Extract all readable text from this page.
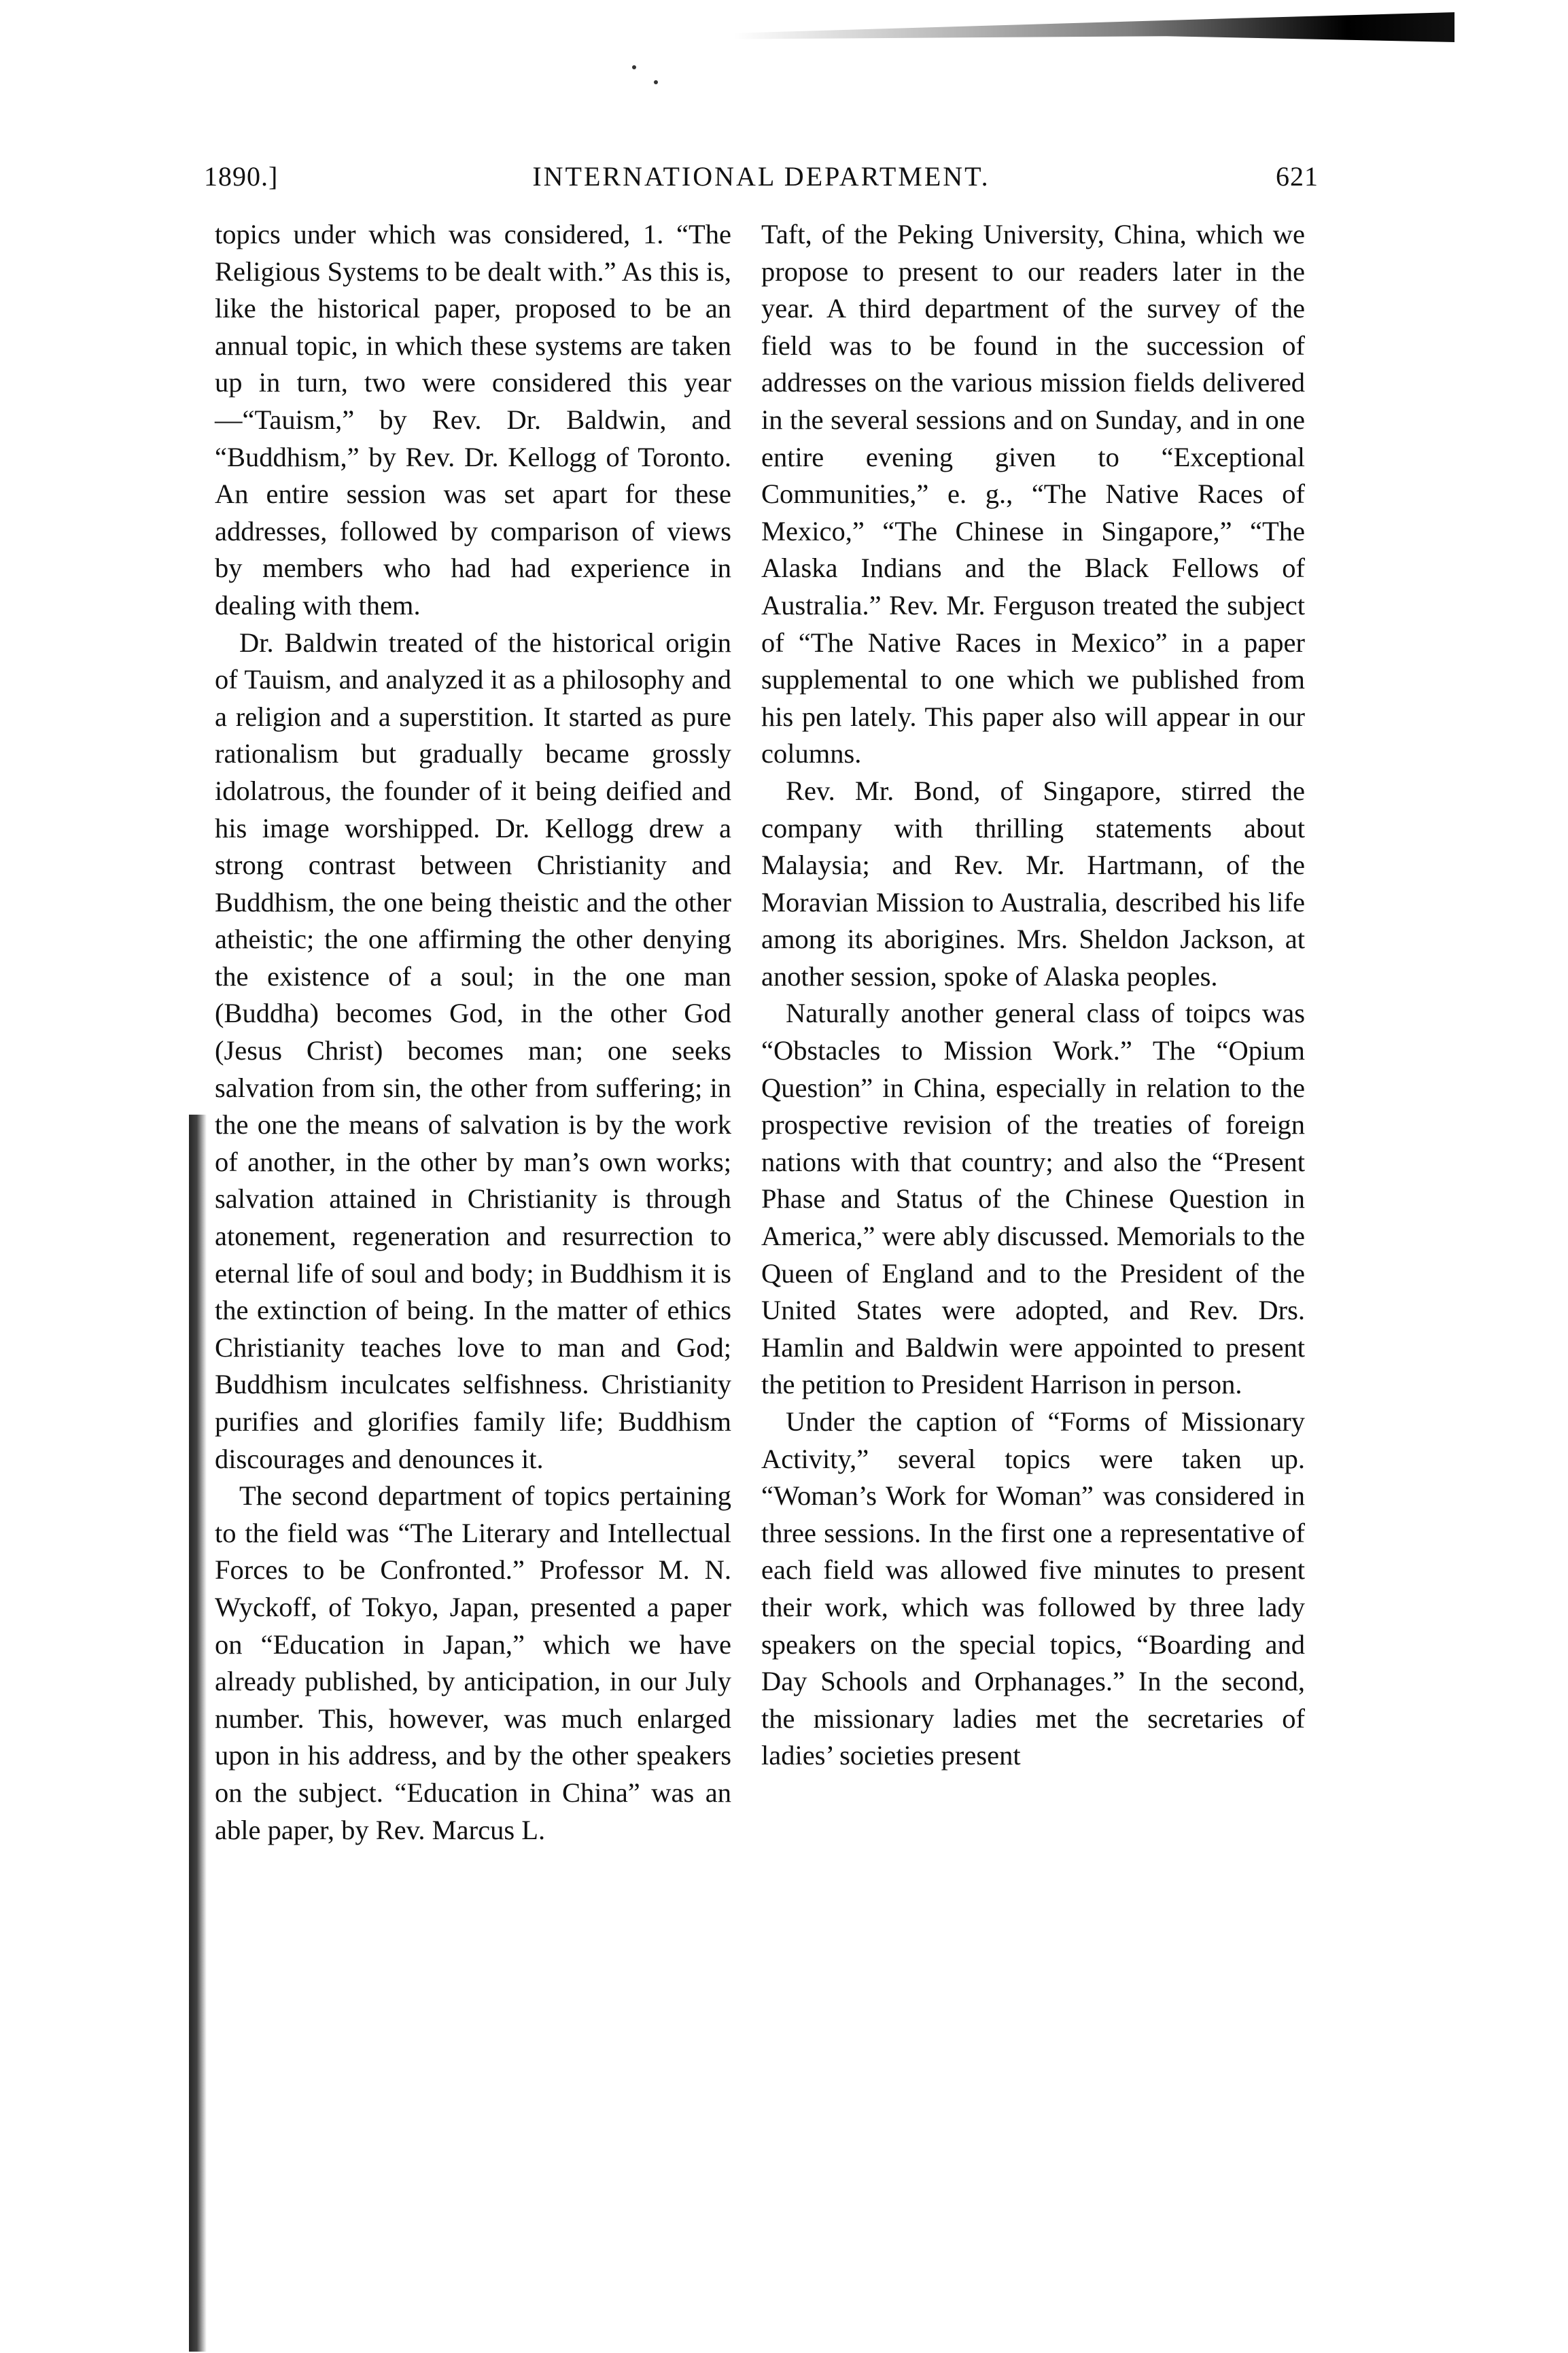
1890.]	INTERNATIONAL DEPARTMENT.	621

topics under which was considered, 1. “The Religious Systems to be dealt with.” As this is, like the historical paper, proposed to be an annual topic, in which these systems are taken up in turn, two were considered this year —“Tauism,” by Rev. Dr. Baldwin, and “Buddhism,” by Rev. Dr. Kellogg of Toronto. An entire session was set apart for these addresses, followed by comparison of views by members who had had experience in dealing with them.

Dr. Baldwin treated of the historical origin of Tauism, and analyzed it as a philosophy and a religion and a superstition. It started as pure rationalism but gradually became grossly idolatrous, the founder of it being deified and his image worshipped. Dr. Kellogg drew a strong contrast between Christianity and Buddhism, the one being theistic and the other atheistic; the one affirming the other denying the existence of a soul; in the one man (Buddha) becomes God, in the other God (Jesus Christ) becomes man; one seeks salvation from sin, the other from suffering; in the one the means of salvation is by the work of another, in the other by man’s own works; salvation attained in Christianity is through atonement, regeneration and resurrection to eternal life of soul and body; in Buddhism it is the extinction of being. In the matter of ethics Christianity teaches love to man and God; Buddhism inculcates selfishness. Christianity purifies and glorifies family life; Buddhism discourages and denounces it.

The second department of topics pertaining to the field was “The Literary and Intellectual Forces to be Confronted.” Professor M. N. Wyckoff, of Tokyo, Japan, presented a paper on “Education in Japan,” which we have already published, by anticipation, in our July number. This, however, was much enlarged upon in his address, and by the other speakers on the subject. “Education in China” was an able paper, by Rev. Marcus L.

Taft, of the Peking University, China, which we propose to present to our readers later in the year. A third department of the survey of the field was to be found in the succession of addresses on the various mission fields delivered in the several sessions and on Sunday, and in one entire evening given to “Exceptional Communities,” e. g., “The Native Races of Mexico,” “The Chinese in Singapore,” “The Alaska Indians and the Black Fellows of Australia.” Rev. Mr. Ferguson treated the subject of “The Native Races in Mexico” in a paper supplemental to one which we published from his pen lately. This paper also will appear in our columns.

Rev. Mr. Bond, of Singapore, stirred the company with thrilling statements about Malaysia; and Rev. Mr. Hartmann, of the Moravian Mission to Australia, described his life among its aborigines. Mrs. Sheldon Jackson, at another session, spoke of Alaska peoples.

Naturally another general class of toipcs was “Obstacles to Mission Work.” The “Opium Question” in China, especially in relation to the prospective revision of the treaties of foreign nations with that country; and also the “Present Phase and Status of the Chinese Question in America,” were ably discussed. Memorials to the Queen of England and to the President of the United States were adopted, and Rev. Drs. Hamlin and Baldwin were appointed to present the petition to President Harrison in person.

Under the caption of “Forms of Missionary Activity,” several topics were taken up. “Woman’s Work for Woman” was considered in three sessions. In the first one a representative of each field was allowed five minutes to present their work, which was followed by three lady speakers on the special topics, “Boarding and Day Schools and Orphanages.” In the second, the missionary ladies met the secretaries of ladies’ societies present
